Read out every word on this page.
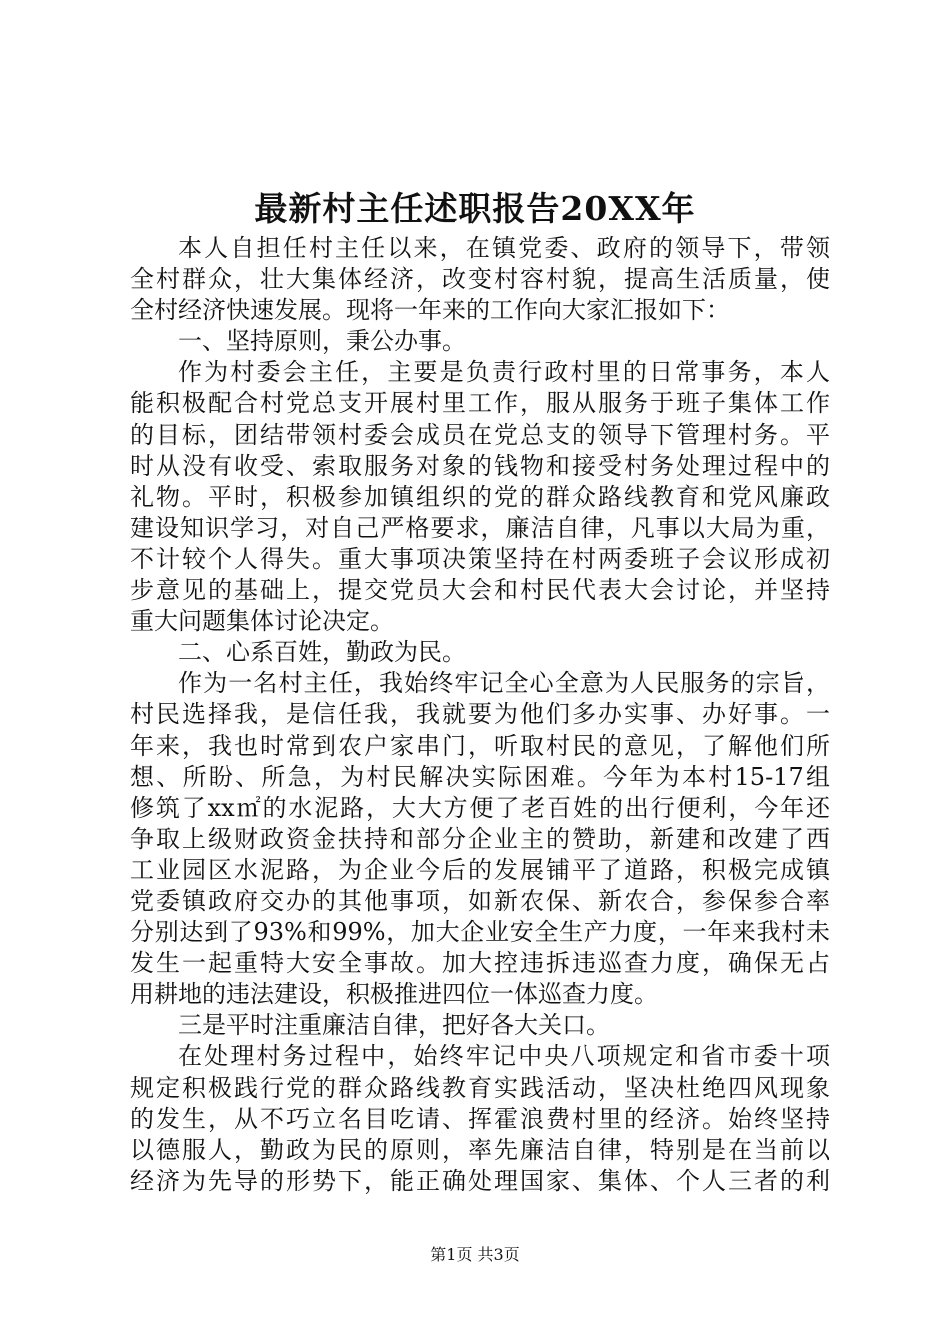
最新村主任述职报告20XX年
本人自担任村主任以来，在镇党委、政府的领导下，带领
全村群众，壮大集体经济，改变村容村貌，提高生活质量，使
全村经济快速发展。现将一年来的工作向大家汇报如下：
一、坚持原则，秉公办事。
作为村委会主任，主要是负责行政村里的日常事务，本人
能积极配合村党总支开展村里工作，服从服务于班子集体工作
的目标，团结带领村委会成员在党总支的领导下管理村务。平
时从没有收受、索取服务对象的钱物和接受村务处理过程中的
礼物。平时，积极参加镇组织的党的群众路线教育和党风廉政
建设知识学习，对自己严格要求，廉洁自律，凡事以大局为重，
不计较个人得失。重大事项决策坚持在村两委班子会议形成初
步意见的基础上，提交党员大会和村民代表大会讨论，并坚持
重大问题集体讨论决定。
二、心系百姓，勤政为民。
作为一名村主任，我始终牢记全心全意为人民服务的宗旨，
村民选择我，是信任我，我就要为他们多办实事、办好事。一
年来，我也时常到农户家串门，听取村民的意见，了解他们所
想、所盼、所急，为村民解决实际困难。今年为本村15-17组
修筑了xx㎡的水泥路，大大方便了老百姓的出行便利，今年还
争取上级财政资金扶持和部分企业主的赞助，新建和改建了西
工业园区水泥路，为企业今后的发展铺平了道路，积极完成镇
党委镇政府交办的其他事项，如新农保、新农合，参保参合率
分别达到了93%和99%，加大企业安全生产力度，一年来我村未
发生一起重特大安全事故。加大控违拆违巡查力度，确保无占
用耕地的违法建设，积极推进四位一体巡查力度。
三是平时注重廉洁自律，把好各大关口。
在处理村务过程中，始终牢记中央八项规定和省市委十项
规定积极践行党的群众路线教育实践活动，坚决杜绝四风现象
的发生，从不巧立名目吃请、挥霍浪费村里的经济。始终坚持
以德服人，勤政为民的原则，率先廉洁自律，特别是在当前以
经济为先导的形势下，能正确处理国家、集体、个人三者的利
第1页 共3页
